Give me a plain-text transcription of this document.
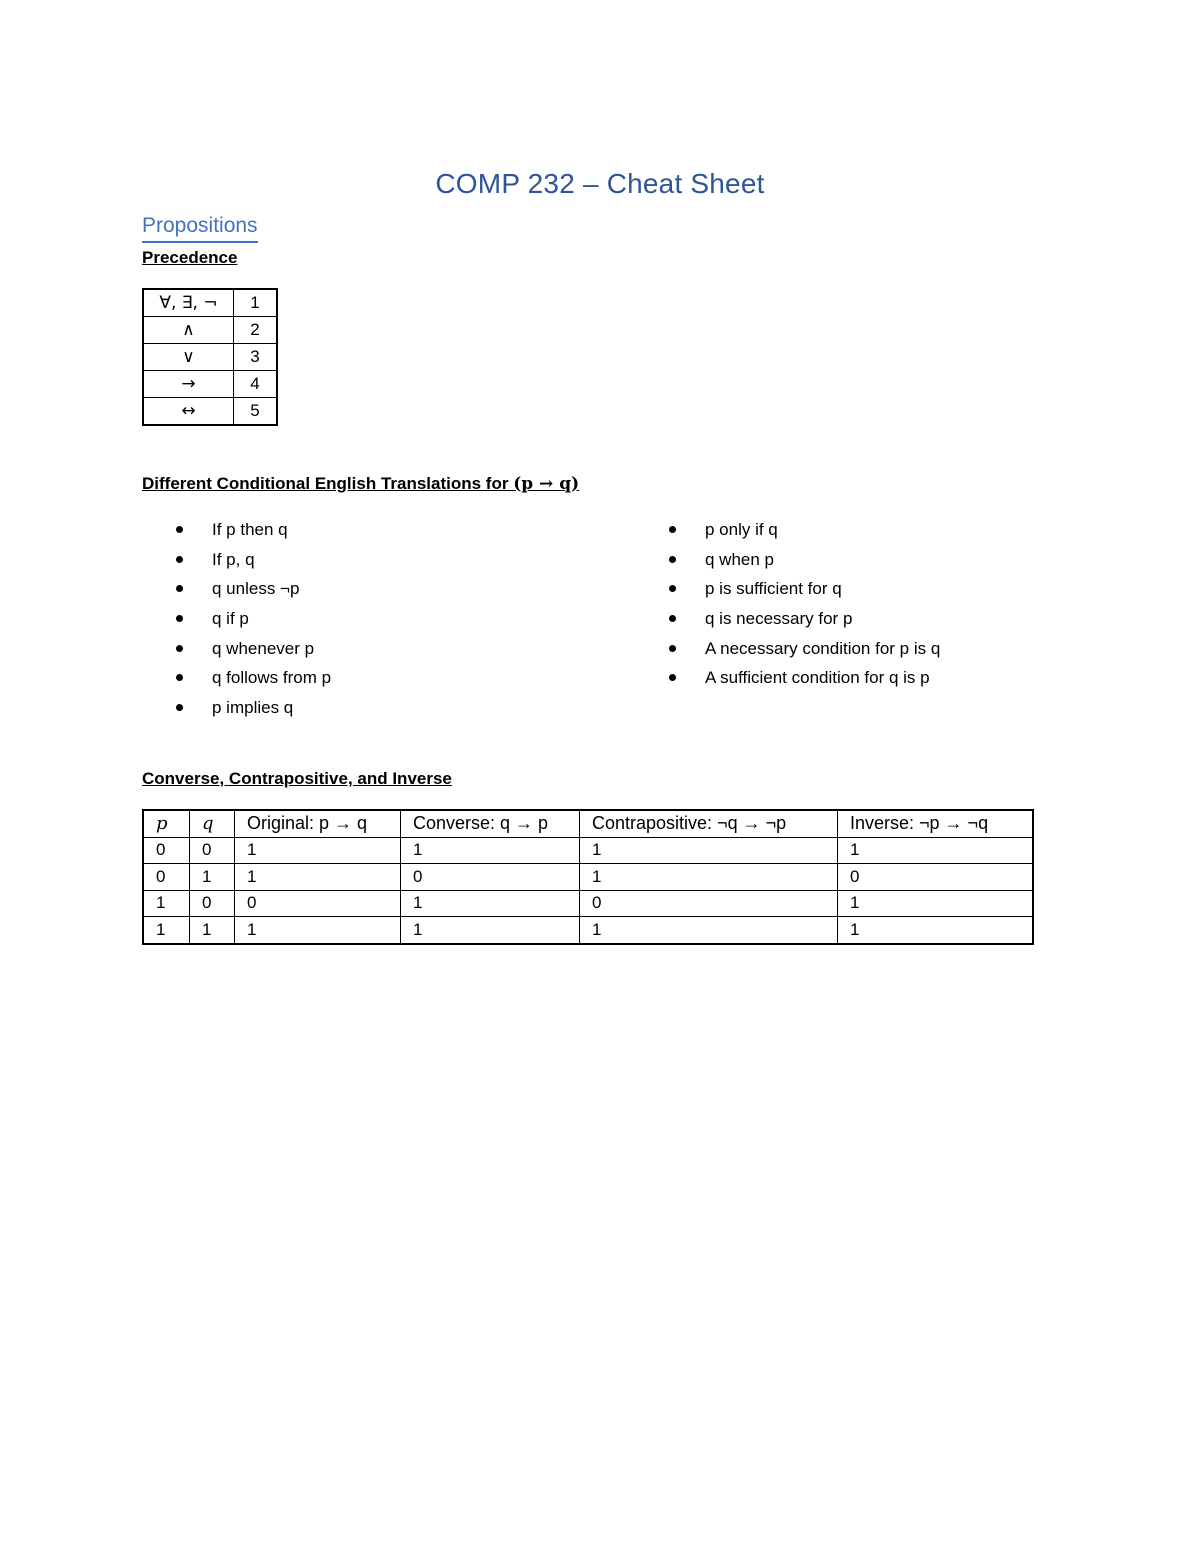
COMP 232 – Cheat Sheet
Propositions
Precedence
∀, ∃, ¬	1
∧	2
∨	3
→	4
↔	5
Different Conditional English Translations for (p → q)
If p then q
If p, q
q unless ¬p
q if p
q whenever p
q follows from p
p implies q
p only if q
q when p
p is sufficient for q
q is necessary for p
A necessary condition for p is q
A sufficient condition for q is p
Converse, Contrapositive, and Inverse
p	q	Original: p → q	Converse: q → p	Contrapositive: ¬q → ¬p	Inverse: ¬p → ¬q
0	0	1	1	1	1
0	1	1	0	1	0
1	0	0	1	0	1
1	1	1	1	1	1
